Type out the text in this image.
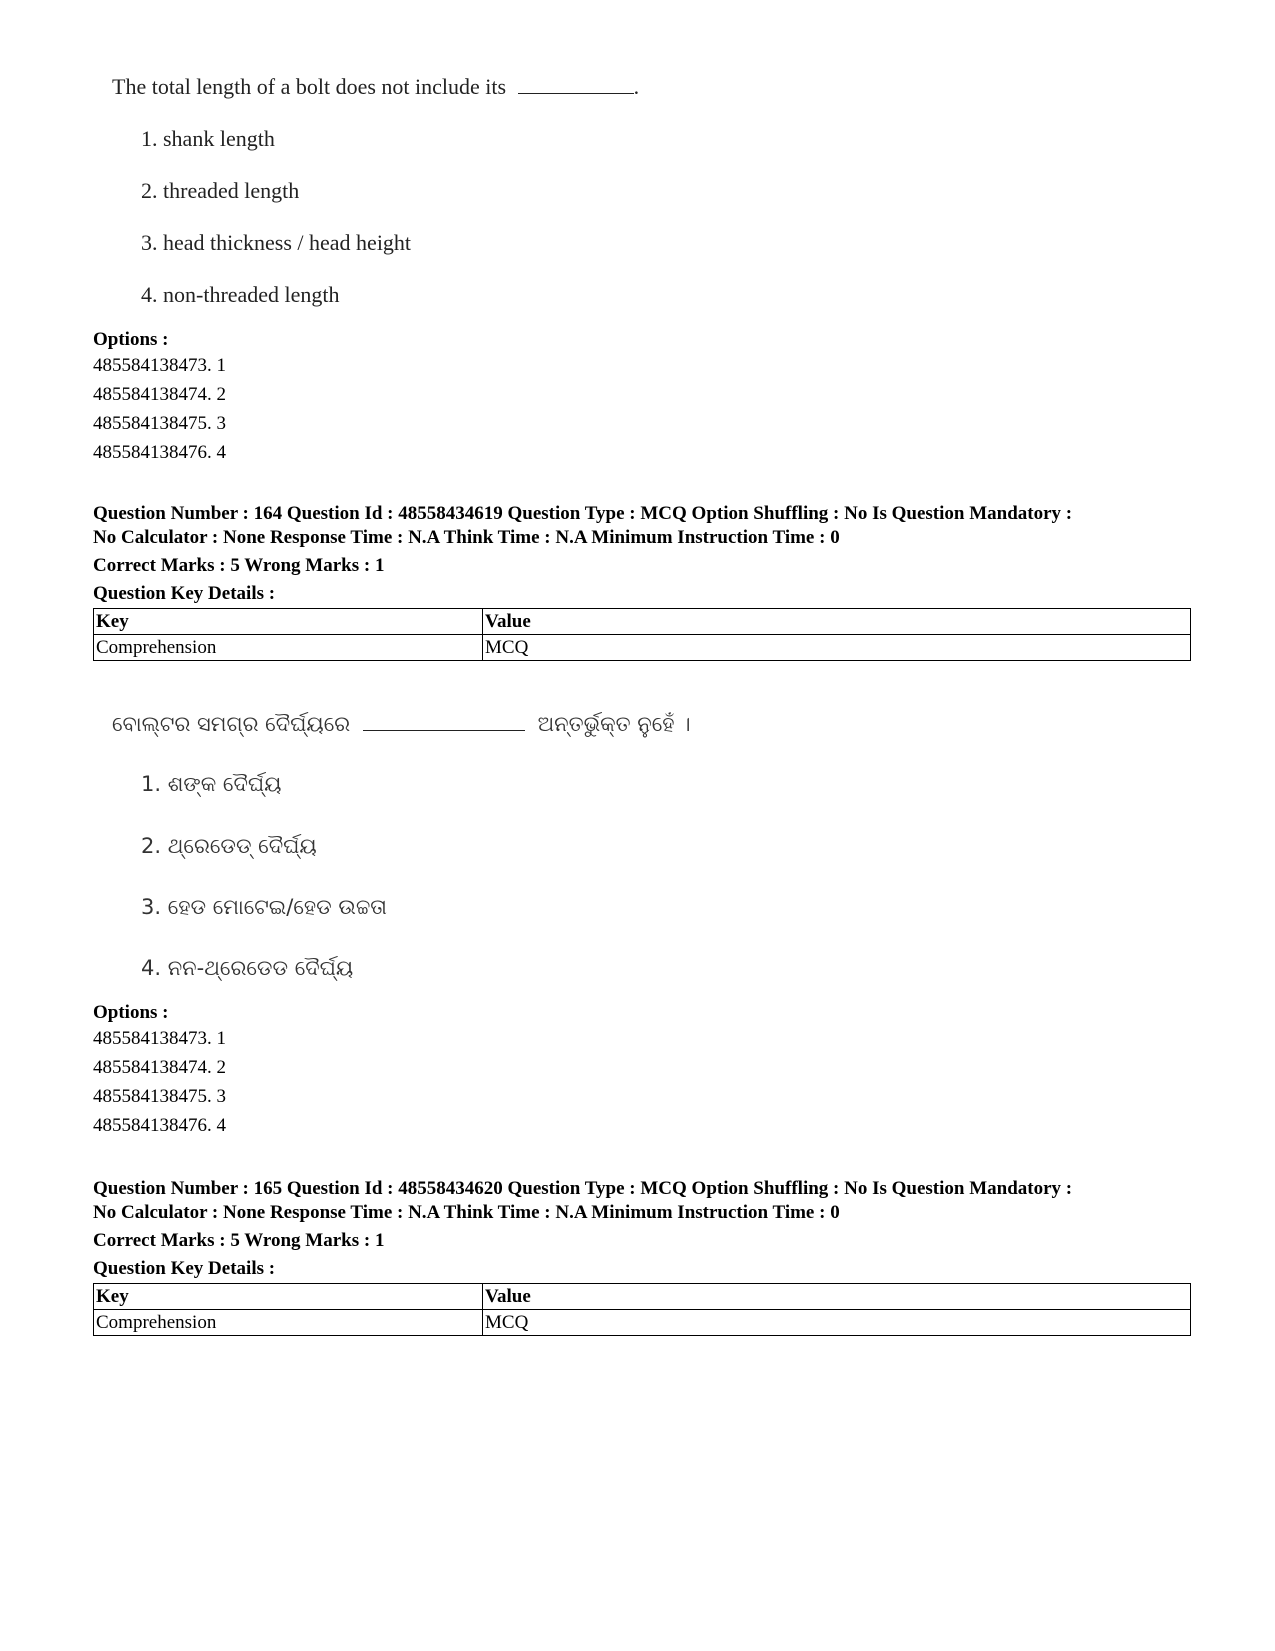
The total length of a bolt does not include its	.
1. shank length
2. threaded length
3. head thickness / head height
4. non-threaded length
Options :
485584138473. 1
485584138474. 2
485584138475. 3
485584138476. 4
Question Number : 164 Question Id : 48558434619 Question Type : MCQ Option Shuffling : No Is Question Mandatory :
No Calculator : None Response Time : N.A Think Time : N.A Minimum Instruction Time : 0
Correct Marks : 5 Wrong Marks : 1
Question Key Details :
Key	Value
Comprehension	MCQ
ବୋଲ୍ଟର ସମଗ୍ର ଦୈର୍ଘ୍ୟରେ	ଅନ୍ତର୍ଭୁକ୍ତ ନୁହେଁ ।
1. ଶଙ୍କ ଦୈର୍ଘ୍ୟ
2. ଥ୍ରେଡେଡ୍ ଦୈର୍ଘ୍ୟ
3. ହେଡ ମୋଟେଇ/ହେଡ ଉଚ୍ଚତା
4. ନନ-ଥ୍ରେଡେଡ ଦୈର୍ଘ୍ୟ
Options :
485584138473. 1
485584138474. 2
485584138475. 3
485584138476. 4
Question Number : 165 Question Id : 48558434620 Question Type : MCQ Option Shuffling : No Is Question Mandatory :
No Calculator : None Response Time : N.A Think Time : N.A Minimum Instruction Time : 0
Correct Marks : 5 Wrong Marks : 1
Question Key Details :
Key	Value
Comprehension	MCQ
